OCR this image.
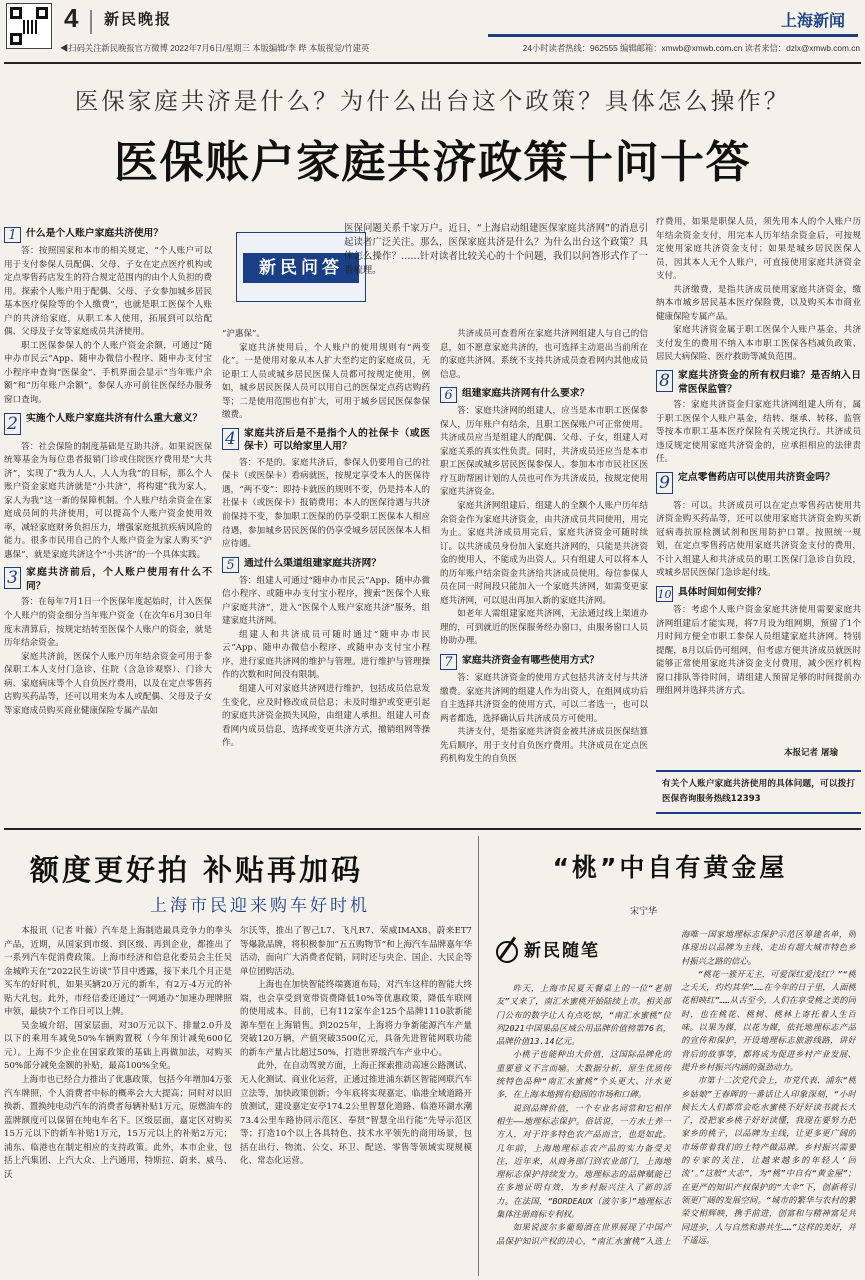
4 新民晚报	上海新闻
◀扫码关注新民晚报官方微博 2022年7月6日/星期三 本版编辑/李 晔 本版视觉/竹建英	24小时读者热线：962555 编辑邮箱：xmwb@xmwb.com.cn 读者来信：dzlx@xmwb.com.cn
医保家庭共济是什么？为什么出台这个政策？具体怎么操作？
医保账户家庭共济政策十问十答
新民问答
医保问题关系千家万户。近日，“上海启动组建医保家庭共济网”的消息引起读者广泛关注。那么，医保家庭共济是什么？为什么出台这个政策？具体怎么操作？……针对读者比较关心的十个问题，我们以问答形式作了一番梳理。
1 什么是个人账户家庭共济使用？

答：按照国家和本市的相关规定，“个人账户可以用于支付参保人员配偶、父母、子女在定点医疗机构或定点零售药店发生的符合规定范围内的由个人负担的费用。探索个人账户用于配偶、父母、子女参加城乡居民基本医疗保险等的个人缴费”，也就是职工医保个人账户的共济给家庭，从职工本人使用，拓展到可以给配偶、父母及子女等家庭成员共济使用。

职工医保参保人的个人账户资金余额，可通过“随申办市民云”App、随申办微信小程序、随申办支付宝小程序申查询“医保金”、手机界面会显示“当年账户余额”和“历年账户余额”。参保人亦可前往医保经办服务窗口查询。

2 实施个人账户家庭共济有什么重大意义？

答：社会保险的制度基础是互助共济。如果说医保统筹基金为每位患者报销门诊或住院医疗费用是“大共济”，实现了“我为人人，人人为我”的目标，那么个人账户资金家庭共济就是“小共济”，将构建“我为家人，家人为我”这一新的保障机制。个人账户结余资金在家庭成员间的共济使用，可以提高个人账户资金使用效率，减轻家庭财务负担压力，增强家庭抵抗疾病风险的能力。很多市民用自己的个人账户资金为家人购买“沪惠保”，就是家庭共济这个“小共济”的一个具体实践。

3 家庭共济前后，个人账户使用有什么不同？

答：在每年7月1日一个医保年度起始时，计入医保个人账户的资金细分当年账户资金（在次年6月30日年度末清算后，按规定结转至医保个人账户的资金，就是历年结余资金。

家庭共济前，医保个人账户历年结余资金可用于参保职工本人支付门急诊、住院（含急诊观察）、门诊大病、家庭病床等个人自负医疗费用，以及在定点零售药店购买药品等，还可以用来为本人或配偶、父母及子女等家庭成员购买商业健康保险专属产品如

“沪惠保”。

家庭共济使用后，个人账户的使用规则有“两变化”。一是使用对象从本人扩大至约定的家庭成员，无论职工人员或城乡居民医保人员都可按规定使用，例如，城乡居民医保人员可以用自己的医保定点药店购药等；二是使用范围也有扩大，可用于城乡居民医保参保缴费。

4 家庭共济后是不是指个人的社保卡（或医保卡）可以给家里人用？

答：不是的。家庭共济后，参保人仍要用自己的社保卡（或医保卡）看病就医，按规定享受本人的医保待遇，“两不变”：即持卡就医的规则不变，仍是持本人的社保卡（或医保卡）报销费用；本人的医保待遇与共济前保持不变，参加职工医保的仍享受职工医保本人相应待遇，参加城乡居民医保的仍享受城乡居民医保本人相应待遇。

5 通过什么渠道组建家庭共济网？

答：组建人可通过“随申办市民云”App、随申办微信小程序、或随申办支付宝小程序，搜索“医保个人账户家庭共济”，进入“医保个人账户家庭共济”服务，组建家庭共济网。

组建人和共济成员可随时通过“随申办市民云”App、随申办微信小程序、或随申办支付宝小程序，进行家庭共济网的维护与管理。进行维护与管理操作的次数和时间没有限制。

组建人可对家庭共济网进行维护，包括成员信息发生变化，应及时修改成员信息；未及时维护或变更引起的家庭共济资金损失风险，由组建人承担。组建人可查看网内成员信息，选择或变更共济方式，撤销组网等操作。

共济成员可查看所在家庭共济网组建人与自己的信息，如不愿意家庭共济的，也可选择主动退出当前所在的家庭共济网。系统不支持共济成员查看网内其他成员信息。

6 组建家庭共济网有什么要求？

答：家庭共济网的组建人，应当是本市职工医保参保人，历年账户有结余，且职工医保账户可正常使用。共济成员应当是组建人的配偶、父母、子女，组建人对家庭关系的真实性负责。同时，共济成员还应当是本市职工医保或城乡居民医保参保人。参加本市市民社区医疗互助帮困计划的人员也可作为共济成员，按规定使用家庭共济资金。

家庭共济网组建后，组建人的全额个人账户历年结余资金作为家庭共济资金，由共济成员共同使用，用完为止。家庭共济成员用完后，家庭共济资金可随时续订。以共济成员身份加入家庭共济网的，只能是共济资金的使用人，不能成为出资人。只有组建人可以将本人的历年账户结余资金共济给共济成员使用。每位参保人员在同一时间段只能加入一个家庭共济网，如需变更家庭共济网，可以退出再加入新的家庭共济网。

如老年人需组建家庭共济网，无法通过线上渠道办理的，可到就近的医保服务经办窗口，由服务窗口人员协助办理。

7 家庭共济资金有哪些使用方式？

答：家庭共济资金的使用方式包括共济支付与共济缴费。家庭共济网的组建人作为出资人，在组网成功后自主选择共济资金的使用方式，可以二者选一，也可以两者都选，选择确认后共济成员方可使用。

共济支付，是指家庭共济资金被共济成员医保结算先后顺序，用于支付自负医疗费用。共济成员在定点医药机构发生的自负医

疗费用，如果是职保人员，须先用本人的个人账户历年结余资金支付，用完本人历年结余资金后，可按规定使用家庭共济资金支付；如果是城乡居民医保人员，因其本人无个人账户，可直接使用家庭共济资金支付。

共济缴费，是指共济成员使用家庭共济资金，缴纳本市城乡居民基本医疗保险费，以及购买本市商业健康保险专属产品。

家庭共济资金属于职工医保个人账户基金，共济支付发生的费用不纳入本市职工医保各档减负政策、居民大病保险、医疗救助等减负范围。

8 家庭共济资金的所有权归谁？是否纳入日常医保监管？

答：家庭共济资金归家庭共济网组建人所有，属于职工医保个人账户基金，结转、继承、转移、监管等按本市职工基本医疗保险有关规定执行。共济成员违反规定使用家庭共济资金的，应承担相应的法律责任。

9 定点零售药店可以使用共济资金吗？

答：可以。共济成员可以在定点零售药店使用共济资金购买药品等，还可以使用家庭共济资金购买新冠病毒抗原检测试剂和医用防护口罩。按照统一规划，在定点零售药店使用家庭共济资金支付的费用，不计入组建人和共济成员的职工医保门急诊自负段，或城乡居民医保门急诊起付线。

10 具体时间如何安排？

答：考虑个人账户资金家庭共济使用需要家庭共济网组建后才能实现，将7月设为组网期，预留了1个月时间方便全市职工参保人员组建家庭共济网。特别提醒，8月以后仍可组网，但考虑方便共济成员就医时能够正常使用家庭共济资金支付费用，减少医疗机构窗口排队等待时间，请组建人预留足够的时间提前办理组网并选择共济方式。

本报记者 屠瑜
有关个人账户家庭共济使用的具体问题，可以拨打医保咨询服务热线12393
额度更好拍 补贴再加码
上海市民迎来购车好时机

本报讯（记者 叶薇）汽车是上海制造最具竞争力的拳头产品，近期，从国家到市级、到区级、再到企业，都推出了一系列汽车促消费政策。上海市经济和信息化委员会主任吴金城昨天在“2022民生访谈”节目中透露，接下来几个月正是买车的好时机，如果买辆20万元的新车，有2万-4万元的补贴大礼包。此外，市经信委还通过“一网通办”加速办理牌照申领，最快7个工作日可以上牌。

吴金城介绍，国家层面，对30万元以下、排量2.0升及以下的乘用车减免50%车辆购置税（今年预计减免600亿元）。上海不少企业在国家政策的基础上再做加法，对购买50%部分减免金额的补贴，最高100%全免。

上海市也已经合力推出了优惠政策，包括今年增加4万张汽车牌照，个人消费者中标的概率会大大提高；同时对以旧换新、置换纯电动汽车的消费者每辆补贴1万元，原燃油车的蓝牌额度可以保留在纯电车名下。区级层面，嘉定区对购买15万元以下的新车补贴1万元，15万元以上的补贴2万元；浦东、临港也在制定相应的支持政策。此外，本市企业，包括上汽集团、上汽大众、上汽通用、特斯拉、蔚来、威马、沃

尔沃等，推出了智己L7、飞凡R7、荣威IMAX8、蔚来ET7等爆款品牌，将积极参加“五五购物节”和上海汽车品牌嘉年华活动，面向广大消费者促销，同时还与央企、国企、大民企等单位团购活动。

上海也在加快智能终端赛道布局，对汽车这样的智能大终端，也会享受到宽带资费降低10%等优惠政策，降低车联网的使用成本。目前，已有112家车企125个品牌1110款新能源车型在上海销售。到2025年，上海将力争新能源汽车产量突破120万辆，产值突破3500亿元，具备先进智能网联功能的新车产量占比超过50%，打造世界级汽车产业中心。

此外，在自动驾驶方面，上海正探索推动高速公路测试、无人化测试、商业化运营，正通过推进浦东新区智能网联汽车立法等，加快政策创新；今年底将实现嘉定、临港全域道路开放测试，建设嘉定安亭174.2公里智慧化道路、临港环湖水潮73.4公里车路协同示范区、奉贤“智慧全出行能”先导示范区等；打造10个以上各具特色、技术水平领先的商用场景，包括在出行、物流、公交、环卫、配送、零售等领域实现规模化、常态化运营。

“桃”中自有黄金屋
宋宁华
新民随笔

昨天，上海市民夏天餐桌上的一位“老朋友”又来了，南汇水蜜桃开始陆续上市。相关部门公布的数字让人有点吃惊，“南汇水蜜桃”位列2021中国果品区域公用品牌价值榜第76名，品牌价值13.14亿元。

小桃子也能种出大价值，这国际品牌化的重要意义不言而喻。大数据分析，原生优质传统特色品种“南汇水蜜桃”个头更大、汁水更多，在上海本地拥有稳固的市场和口碑。

说到品牌价值，一个专业名词常和它相伴相生——地理标志保护。俗话说，一方水土养一方人，对于许多特色农产品而言，也是如此。几年前，上海地理标志农产品的实力备受关注，近年来，从商务部门到农业部门，上海地理标志保护持续发力。地理标志的品牌赋能已在多地证明有效，为乡村振兴注入了新的活力。在法国，“BORDEAUX（波尔多）”地理标志集体注册商标专利权。

如果说波尔多葡萄酒在世界展现了中国产品保护知识产权的决心，“南汇水蜜桃”入选上海唯一国家地理标志保护示范区筹建名单，则体现出以品牌为主线、走出有超大城市特色乡村振兴之路的信心。

“桃花一簇开无主，可爱深红爱浅红？”“桃之夭夭，灼灼其华”……在今年的日子里，人面桃花相映红”……从古至今，人们在享受桃之美的同时，也在桃花、桃树、桃林上寄托着人生百味。以果为媒，以花为媒，依托地理标志产品的宣传和保护，开设地理标志旅游线路，讲好背后的故事等，都将成为促进乡村产业发展、提升乡村振兴内涵的强劲动力。

市第十二次党代会上，市党代表、浦东“桃乡姑娘”王春晖的一番话让人印象深刻，“小时候长大人们都常会吃水蜜桃不好好读书就长大了，没把家乡桃子好好读懂，我现在要努力把家乡的桃子，以品牌为主线，让更多更广阔的市场带着我们的土特产做品牌。乡村振兴需要的专家的关注，让越来越多的年轻人‘回流’。”这般“大志”，为“桃”中自有“黄金屋”；在更严的知识产权保护的“大伞”下，创新将引领更广阔的发展空间。“城市的繁华与农村的繁荣交相辉映，携手前进，创富和与精神富足共同进步，人与自然和谐共生……”这样的美好，并不遥远。
